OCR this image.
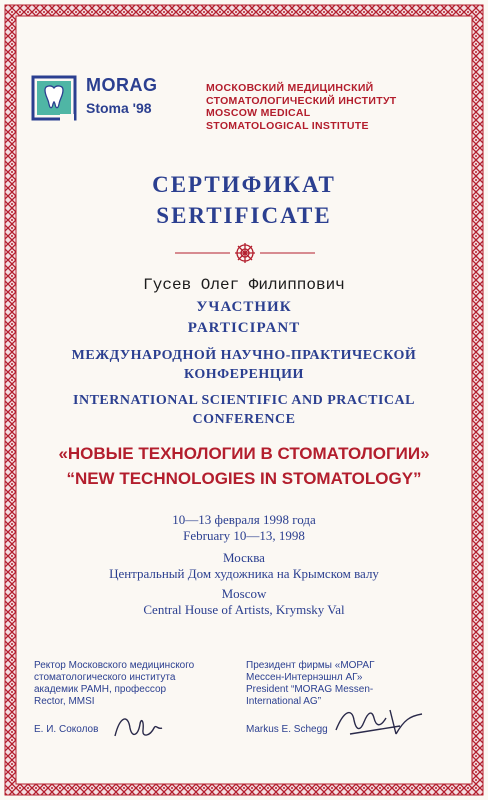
MORAG
Stoma '98
МОСКОВСКИЙ МЕДИЦИНСКИЙ
СТОМАТОЛОГИЧЕСКИЙ ИНСТИТУТ
MOSCOW MEDICAL
STOMATOLOGICAL INSTITUTE
СЕРТИФИКАТ
SERTIFICATE
Гусев Олег Филиппович
УЧАСТНИК
PARTICIPANT
МЕЖДУНАРОДНОЙ НАУЧНО-ПРАКТИЧЕСКОЙ
КОНФЕРЕНЦИИ
INTERNATIONAL SCIENTIFIC AND PRACTICAL
CONFERENCE
«НОВЫЕ ТЕХНОЛОГИИ В СТОМАТОЛОГИИ»
“NEW TECHNOLOGIES IN STOMATOLOGY”
10—13 февраля 1998 года
February 10—13, 1998
Москва
Центральный Дом художника на Крымском валу
Moscow
Central House of Artists, Krymsky Val
Ректор Московского медицинского
стоматологического института
академик РАМН, профессор
Rector, MMSI
Е. И. Соколов
Президент фирмы «МОРАГ
Мессен-Интернэшнл АГ»
President “MORAG Messen-
International AG”
Markus E. Schegg
